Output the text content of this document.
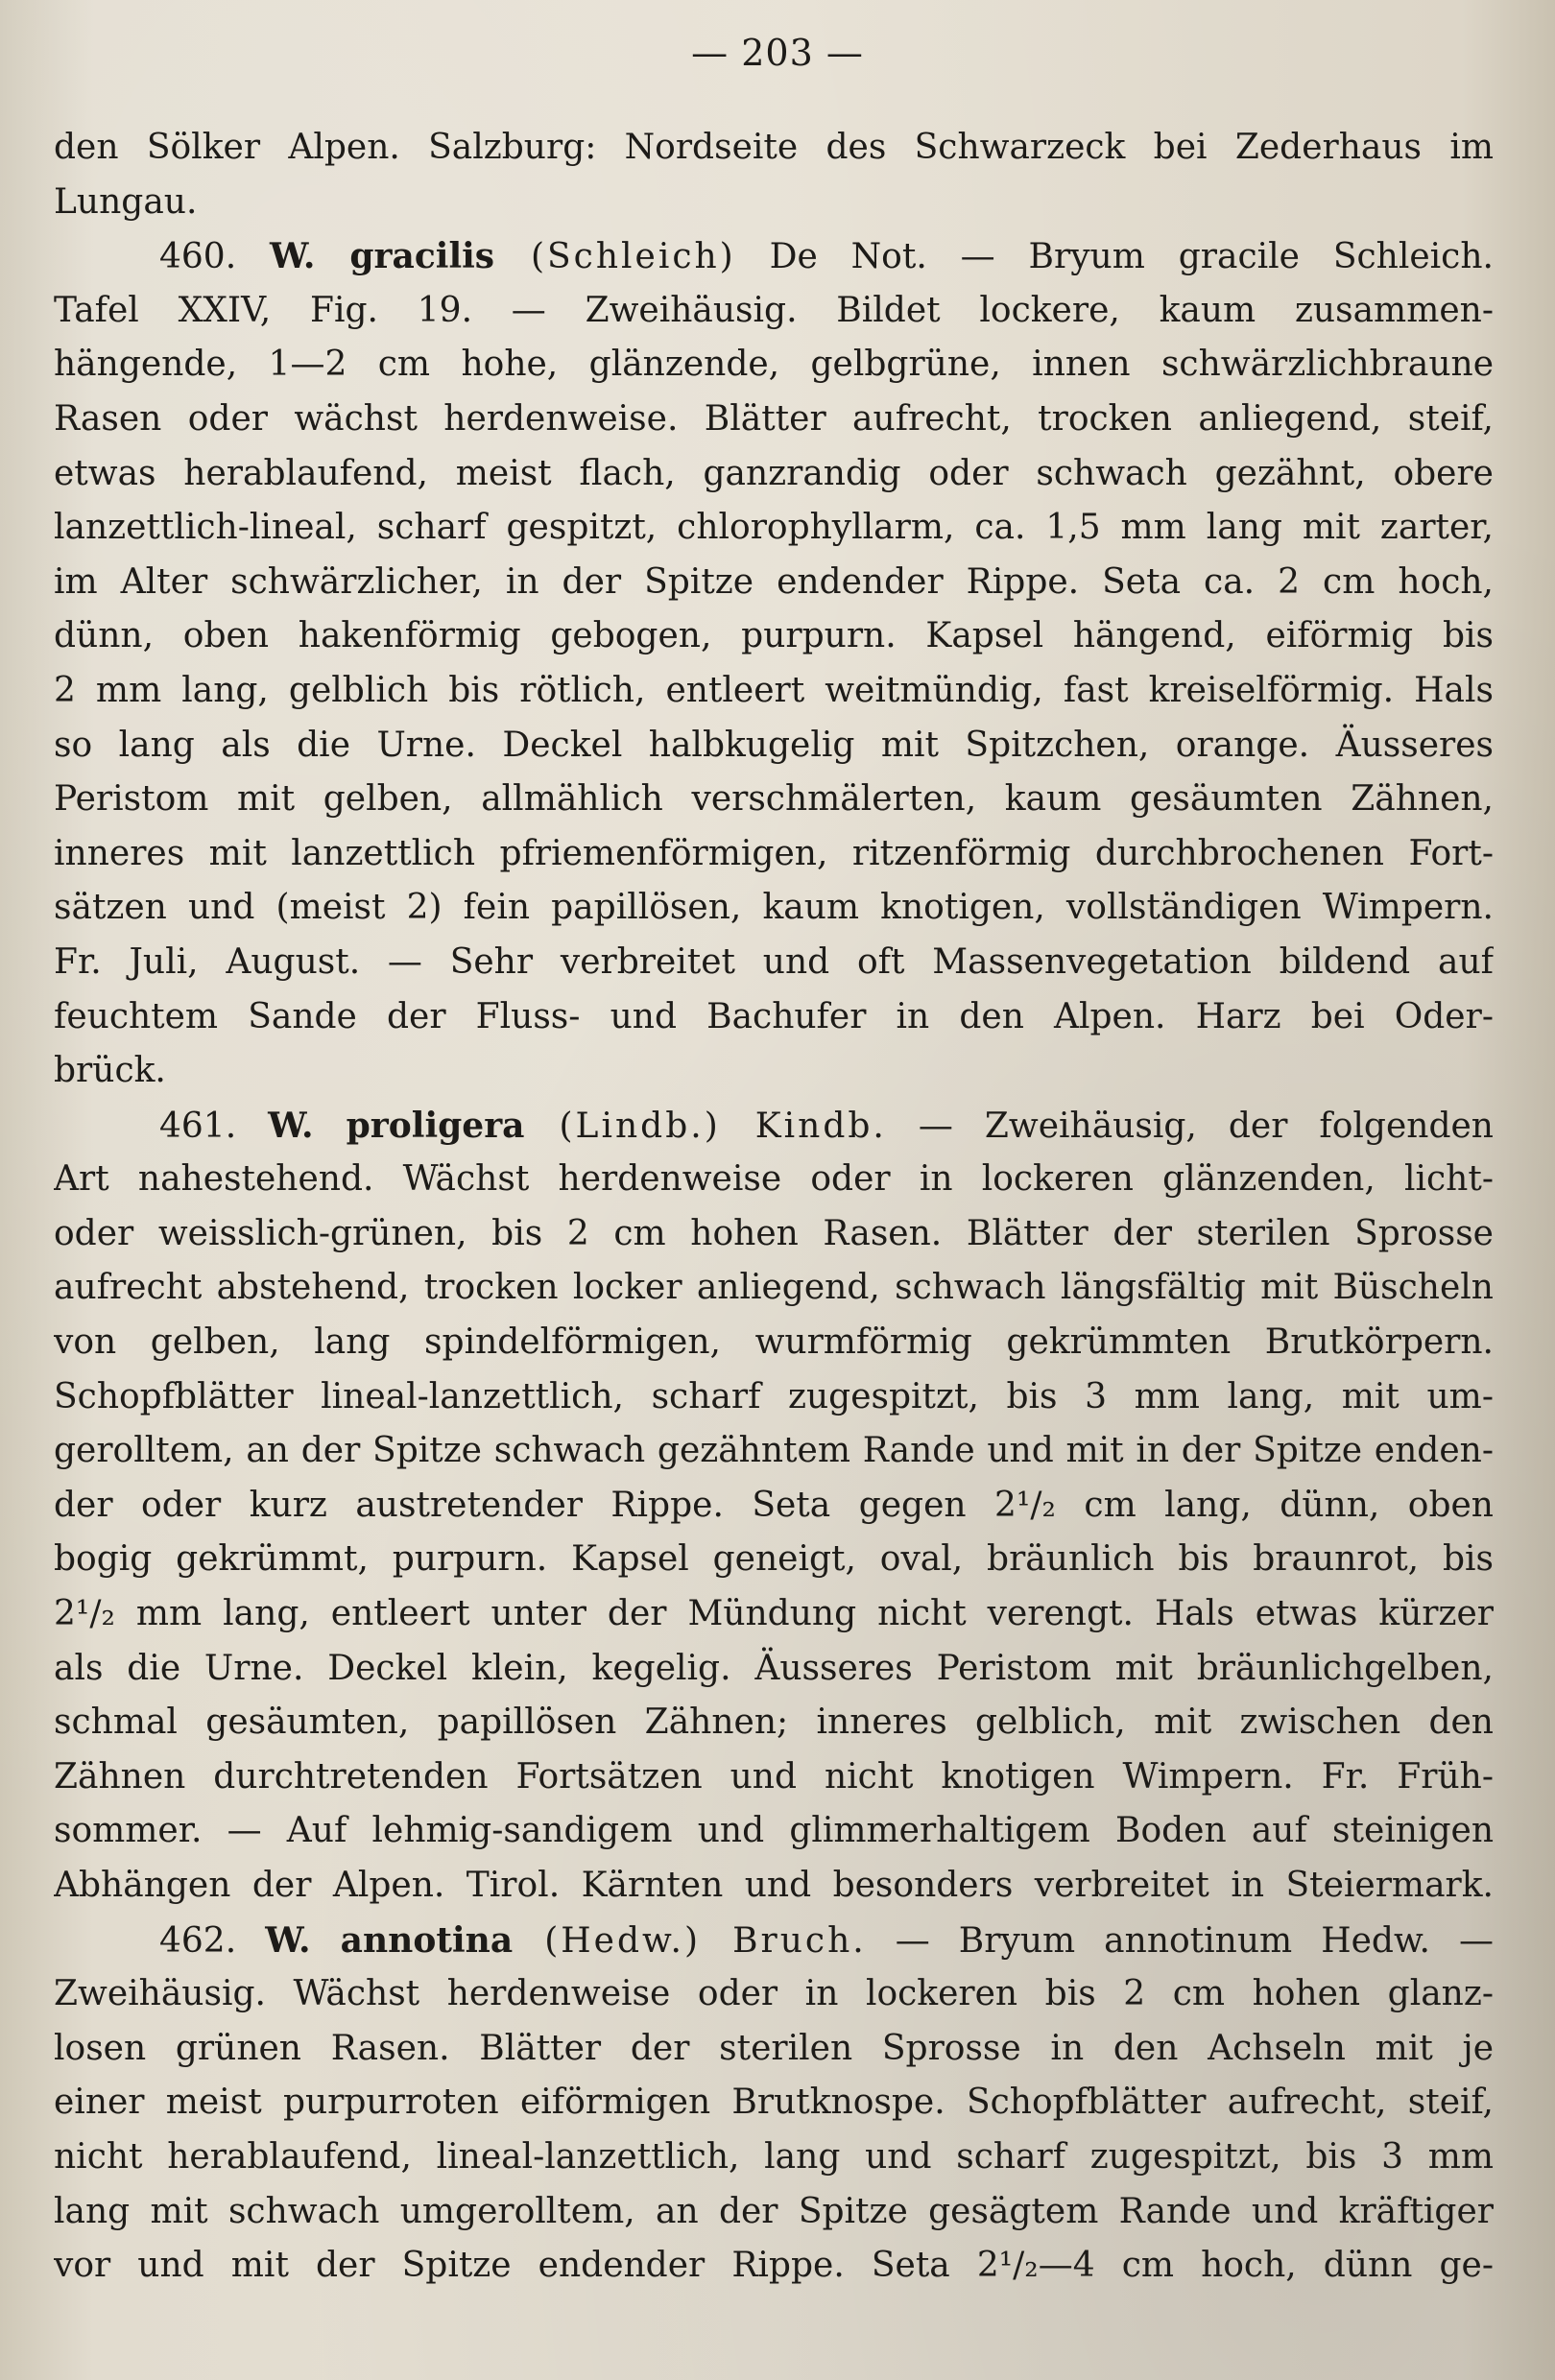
— 203 —
den Sölker Alpen. Salzburg: Nordseite des Schwarzeck bei Zederhaus im
Lungau.
460. W. gracilis (Schleich) De Not. — Bryum gracile Schleich.
Tafel XXIV, Fig. 19. — Zweihäusig. Bildet lockere, kaum zusammen-
hängende, 1—2 cm hohe, glänzende, gelbgrüne, innen schwärzlichbraune
Rasen oder wächst herdenweise. Blätter aufrecht, trocken anliegend, steif,
etwas herablaufend, meist flach, ganzrandig oder schwach gezähnt, obere
lanzettlich-lineal, scharf gespitzt, chlorophyllarm, ca. 1,5 mm lang mit zarter,
im Alter schwärzlicher, in der Spitze endender Rippe. Seta ca. 2 cm hoch,
dünn, oben hakenförmig gebogen, purpurn. Kapsel hängend, eiförmig bis
2 mm lang, gelblich bis rötlich, entleert weitmündig, fast kreiselförmig. Hals
so lang als die Urne. Deckel halbkugelig mit Spitzchen, orange. Äusseres
Peristom mit gelben, allmählich verschmälerten, kaum gesäumten Zähnen,
inneres mit lanzettlich pfriemenförmigen, ritzenförmig durchbrochenen Fort-
sätzen und (meist 2) fein papillösen, kaum knotigen, vollständigen Wimpern.
Fr. Juli, August. — Sehr verbreitet und oft Massenvegetation bildend auf
feuchtem Sande der Fluss- und Bachufer in den Alpen. Harz bei Oder-
brück.
461. W. proligera (Lindb.) Kindb. — Zweihäusig, der folgenden
Art nahestehend. Wächst herdenweise oder in lockeren glänzenden, licht-
oder weisslich-grünen, bis 2 cm hohen Rasen. Blätter der sterilen Sprosse
aufrecht abstehend, trocken locker anliegend, schwach längsfältig mit Büscheln
von gelben, lang spindelförmigen, wurmförmig gekrümmten Brutkörpern.
Schopfblätter lineal-lanzettlich, scharf zugespitzt, bis 3 mm lang, mit um-
gerolltem, an der Spitze schwach gezähntem Rande und mit in der Spitze enden-
der oder kurz austretender Rippe. Seta gegen 2¹/₂ cm lang, dünn, oben
bogig gekrümmt, purpurn. Kapsel geneigt, oval, bräunlich bis braunrot, bis
2¹/₂ mm lang, entleert unter der Mündung nicht verengt. Hals etwas kürzer
als die Urne. Deckel klein, kegelig. Äusseres Peristom mit bräunlichgelben,
schmal gesäumten, papillösen Zähnen; inneres gelblich, mit zwischen den
Zähnen durchtretenden Fortsätzen und nicht knotigen Wimpern. Fr. Früh-
sommer. — Auf lehmig-sandigem und glimmerhaltigem Boden auf steinigen
Abhängen der Alpen. Tirol. Kärnten und besonders verbreitet in Steiermark.
462. W. annotina (Hedw.) Bruch. — Bryum annotinum Hedw. —
Zweihäusig. Wächst herdenweise oder in lockeren bis 2 cm hohen glanz-
losen grünen Rasen. Blätter der sterilen Sprosse in den Achseln mit je
einer meist purpurroten eiförmigen Brutknospe. Schopfblätter aufrecht, steif,
nicht herablaufend, lineal-lanzettlich, lang und scharf zugespitzt, bis 3 mm
lang mit schwach umgerolltem, an der Spitze gesägtem Rande und kräftiger
vor und mit der Spitze endender Rippe. Seta 2¹/₂—4 cm hoch, dünn ge-
